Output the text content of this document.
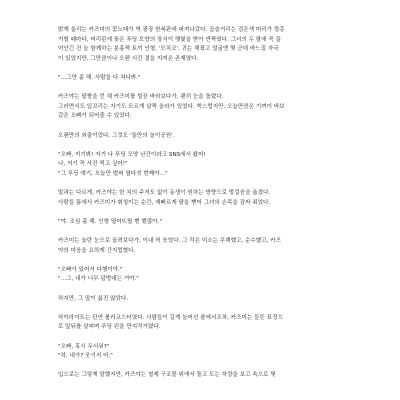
밝게 울리는 카즈미의 꽃노래가 역 광장 한복판에 퍼져나갔다. 곱슬거리는 검은색 머리가 깡총

거릴 때마다, 머리핀에 꽂은 푸딩 모양의 장식이 햇빛을 받아 반짝였다. 그녀의 두 팔에 꼭 끌

어안긴 건 늘 함께하는 분홍색 토끼 인형, '모치코'. 귀는 해졌고 얼굴엔 몇 군데 바느질 자국

이 있었지만, 그만큼이나 오랜 시간 곁을 지켜온 존재였다.

"…그만 좀 해. 사람들 다 쳐다봐."

카즈야는 팔짱을 낀 채 카즈미를 힐끔 바라보다가, 괜히 눈을 돌렸다.

그러면서도 입꼬리는 자기도 모르게 살짝 올라가 있었다. 쑥스럽지만, 오늘만큼은 기꺼이 바보

같은 오빠가 되어줄 수 있었다.

오랜만의 외출이었다. 그것도 '둘만의 놀이공원'.

"오빠, 저기봐! 저거 나 푸딩 모양 난간이라고 SNS에서 봤어!

나, 저기 꼭 사진 찍고 싶어!"

"그 푸딩 얘기, 오늘만 벌써 열다섯 번째야…"

말과는 다르게, 카즈야는 한 치의 주저도 없이 동생이 원하는 방향으로 발걸음을 옮겼다.

사람들 틈에서 카즈미가 휘청이는 순간, 재빠르게 팔을 뻗어 그녀의 손목을 감싸 쥐었다.

"야. 조심 좀 해. 인형 떨어뜨릴 뻔 했잖아."

카즈미는 놀란 눈으로 올려보다가, 이내 씩 웃었다. 그 작은 미소는 무해했고, 순수했고, 카즈

야의 마음을 요하게 간지럽혔다.

"오빠가 있어서 다행이야."

"…그, 내가 너무 덤벙대는 거야."

하지만, 그 말이 싫진 않았다.

하이라이트는 단연 롤러코스터였다. 사람들이 길게 늘어선 줄에서조차, 카즈미는 들뜬 표정으

로 앞뒤를 살피며 푸딩 핀을 만지작거렸다.

"오빠, 혹시 무서워?"

"하, 내가? 웃기지 마."

입으로는 그렇게 말했지만, 카즈야는 철제 구조물 위에서 돌고 도는 차량을 보고 속으로 몇
